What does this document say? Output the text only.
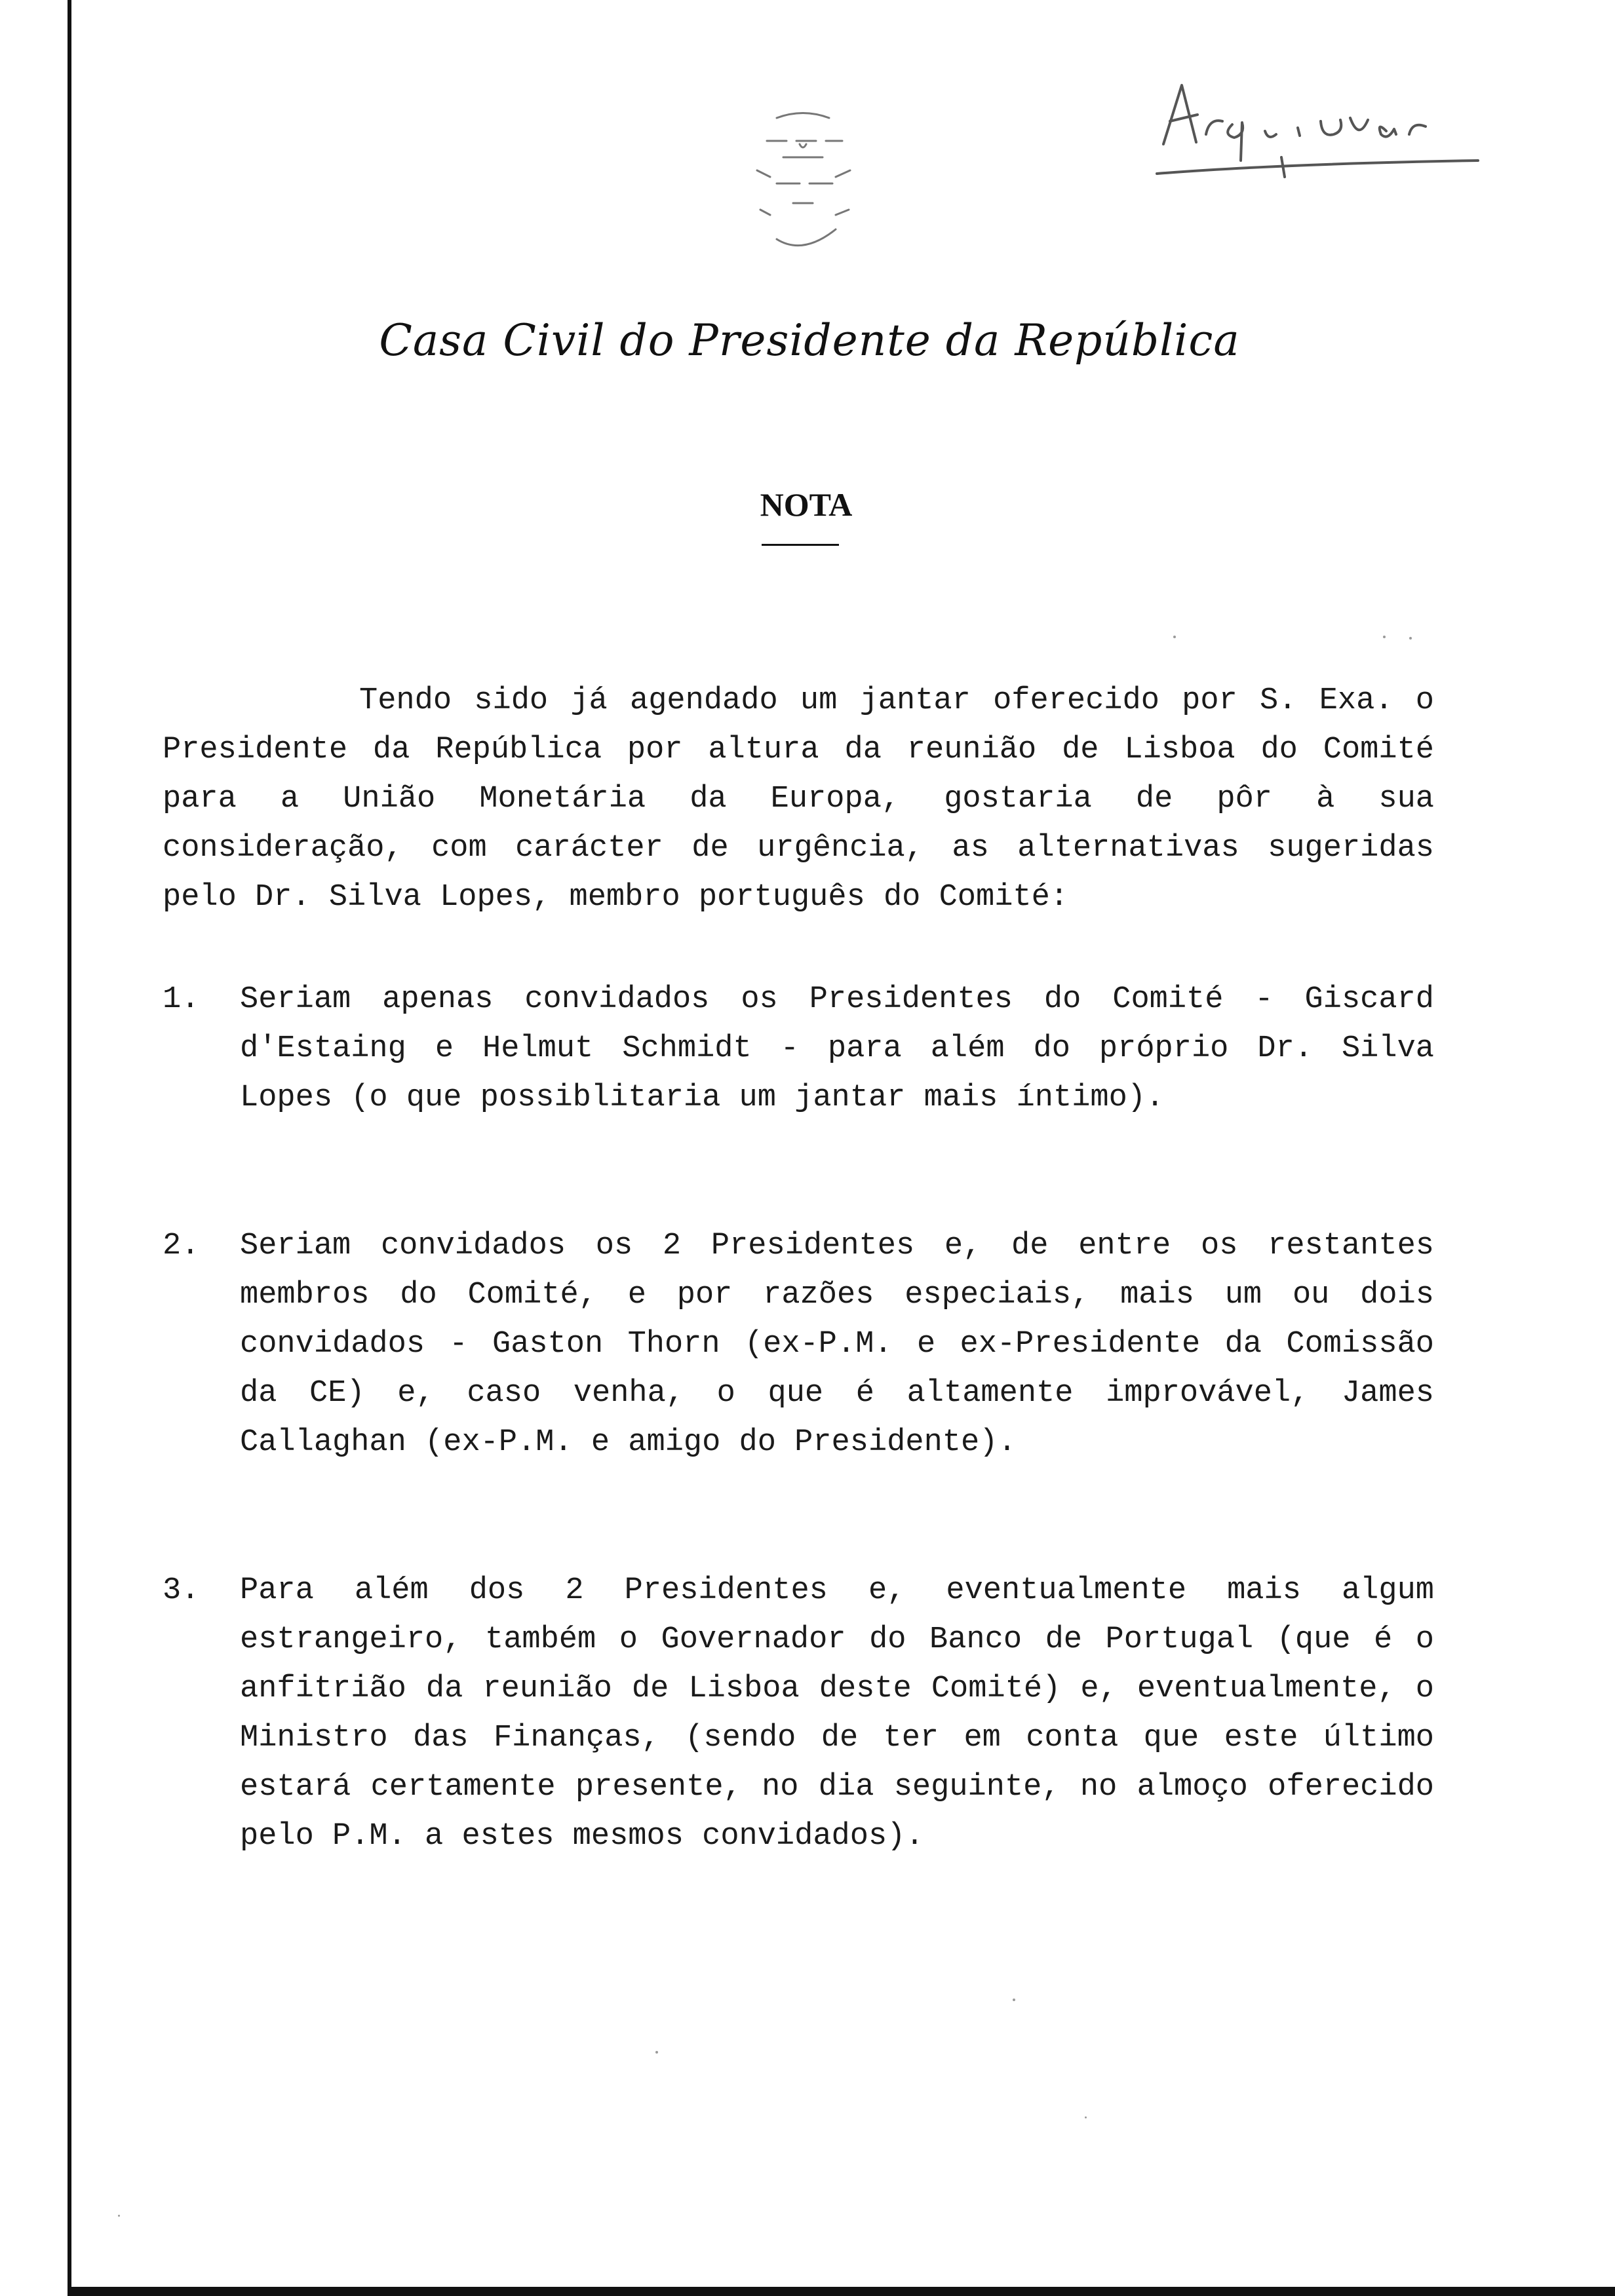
Casa Civil do Presidente da República
NOTA
Tendo sido já agendado um jantar oferecido por S. Exa. o Presidente da República por altura da reunião de Lisboa do Comité para a União Monetária da Europa, gostaria de pôr à sua consideração, com carácter de urgência, as alternativas sugeridas pelo Dr. Silva Lopes, membro português do Comité:
1.	Seriam apenas convidados os Presidentes do Comité - Giscard d'Estaing e Helmut Schmidt - para além do próprio Dr. Silva Lopes (o que possiblitaria um jantar mais íntimo).
2.	Seriam convidados os 2 Presidentes e, de entre os restantes membros do Comité, e por razões especiais, mais um ou dois convidados - Gaston Thorn (ex-P.M. e ex-Presidente da Comissão da CE) e, caso venha, o que é altamente improvável, James Callaghan (ex-P.M. e amigo do Presidente).
3.	Para além dos 2 Presidentes e, eventualmente mais algum estrangeiro, também o Governador do Banco de Portugal (que é o anfitrião da reunião de Lisboa deste Comité) e, eventualmente, o Ministro das Finanças, (sendo de ter em conta que este último estará certamente presente, no dia seguinte, no almoço oferecido pelo P.M. a estes mesmos convidados).
